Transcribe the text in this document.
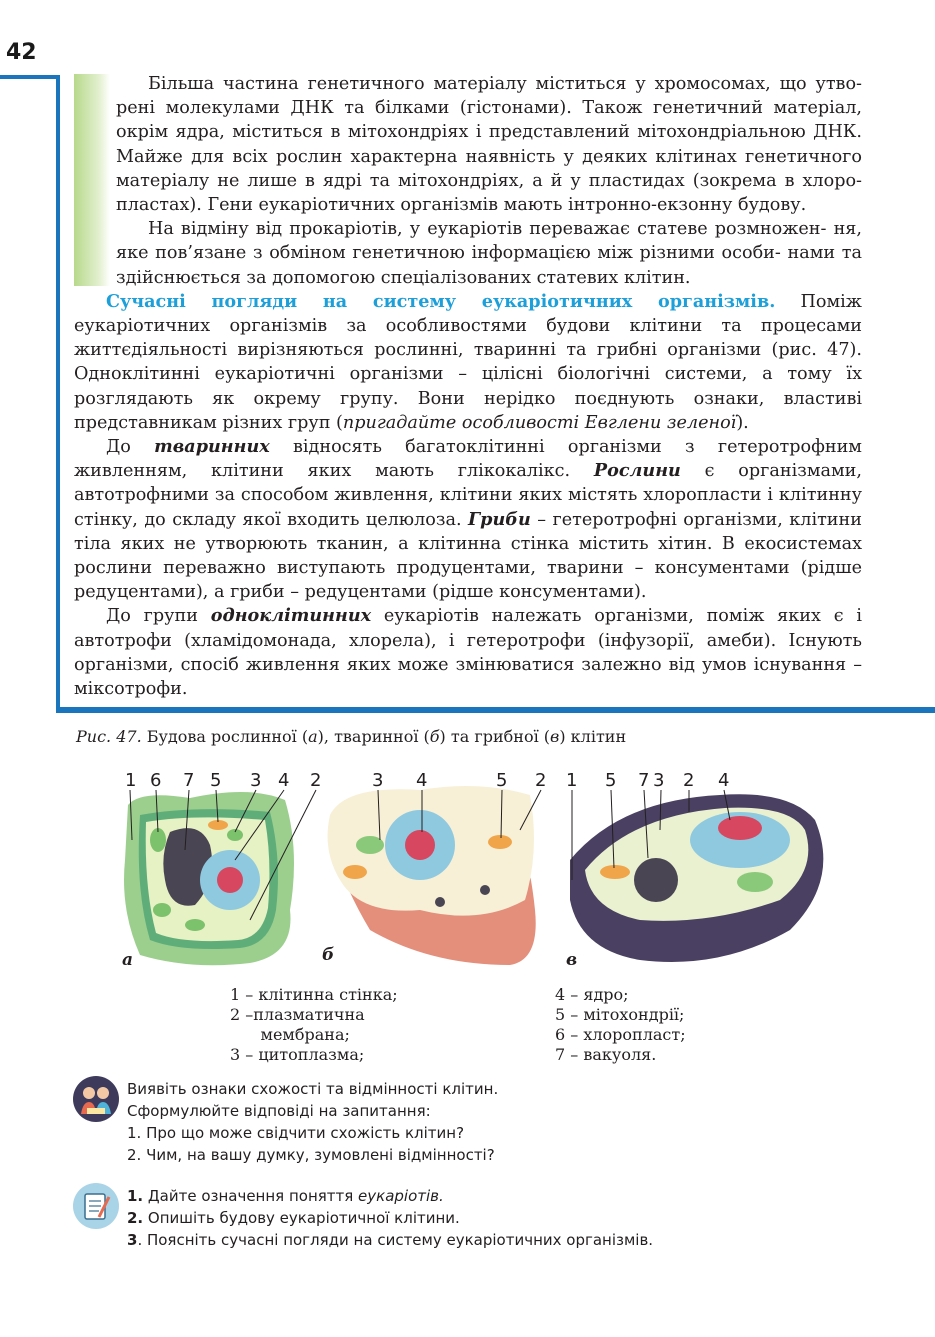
42

Більша частина генетичного матеріалу міститься у хромосомах, що утво- рені молекулами ДНК та білками (гістонами). Також генетичний матеріал, окрім ядра, міститься в мітохондріях і представлений мітохондріальною ДНК. Майже для всіх рослин характерна наявність у деяких клітинах генетичного матеріалу не лише в ядрі та мітохондріях, а й у пластидах (зокрема в хлоро- пластах). Гени еукаріотичних організмів мають інтронно-екзонну будову.

На відміну від прокаріотів, у еукаріотів переважає статеве розмножен- ня, яке пов’язане з обміном генетичною інформацією між різними особи- нами та здійснюється за допомогою спеціалізованих статевих клітин.

Сучасні погляди на систему еукаріотичних організмів. Поміж еукаріотичних організмів за особливостями будови клітини та процесами життєдіяльності вирізняються рослинні, тваринні та грибні організми (рис. 47). Одноклітинні еукаріотичні організми – цілісні біологічні системи, а тому їх розглядають як окрему групу. Вони нерідко поєднують ознаки, властиві представникам різних груп (пригадайте особливості Евглени зеленої).

До тваринних відносять багатоклітинні організми з гетеротрофним живленням, клітини яких мають глікокалікс. Рослини є організмами, автотрофними за способом живлення, клітини яких містять хлоропласти і клітинну стінку, до складу якої входить целюлоза. Гриби – гетеротрофні організми, клітини тіла яких не утворюють тканин, а клітинна стінка містить хітин. В екосистемах рослини переважно виступають продуцентами, тварини – консументами (рідше редуцентами), а гриби – редуцентами (рідше консументами).

До групи одноклітинних еукаріотів належать організми, поміж яких є і автотрофи (хламідомонада, хлорела), і гетеротрофи (інфузорії, амеби). Існують організми, спосіб живлення яких може змінюватися залежно від умов існування – міксотрофи.

Рис. 47. Будова рослинної (а), тваринної (б) та грибної (в) клітин
1 6 7 5 3 4 2	3 4	5 2 1 5 7 3 2 4
а	б	в
1 – клітинна стінка;
2 –плазматична
мембрана;
3 – цитоплазма;
4 – ядро;
5 – мітохондрії;
6 – хлоропласт;
7 – вакуоля.
Виявіть ознаки схожості та відмінності клітин.
Сформулюйте відповіді на запитання:
1. Про що може свідчити схожість клітин?
2. Чим, на вашу думку, зумовлені відмінності?
1. Дайте означення поняття еукаріотів.
2. Опишіть будову еукаріотичної клітини.
3. Поясніть сучасні погляди на систему еукаріотичних організмів.
